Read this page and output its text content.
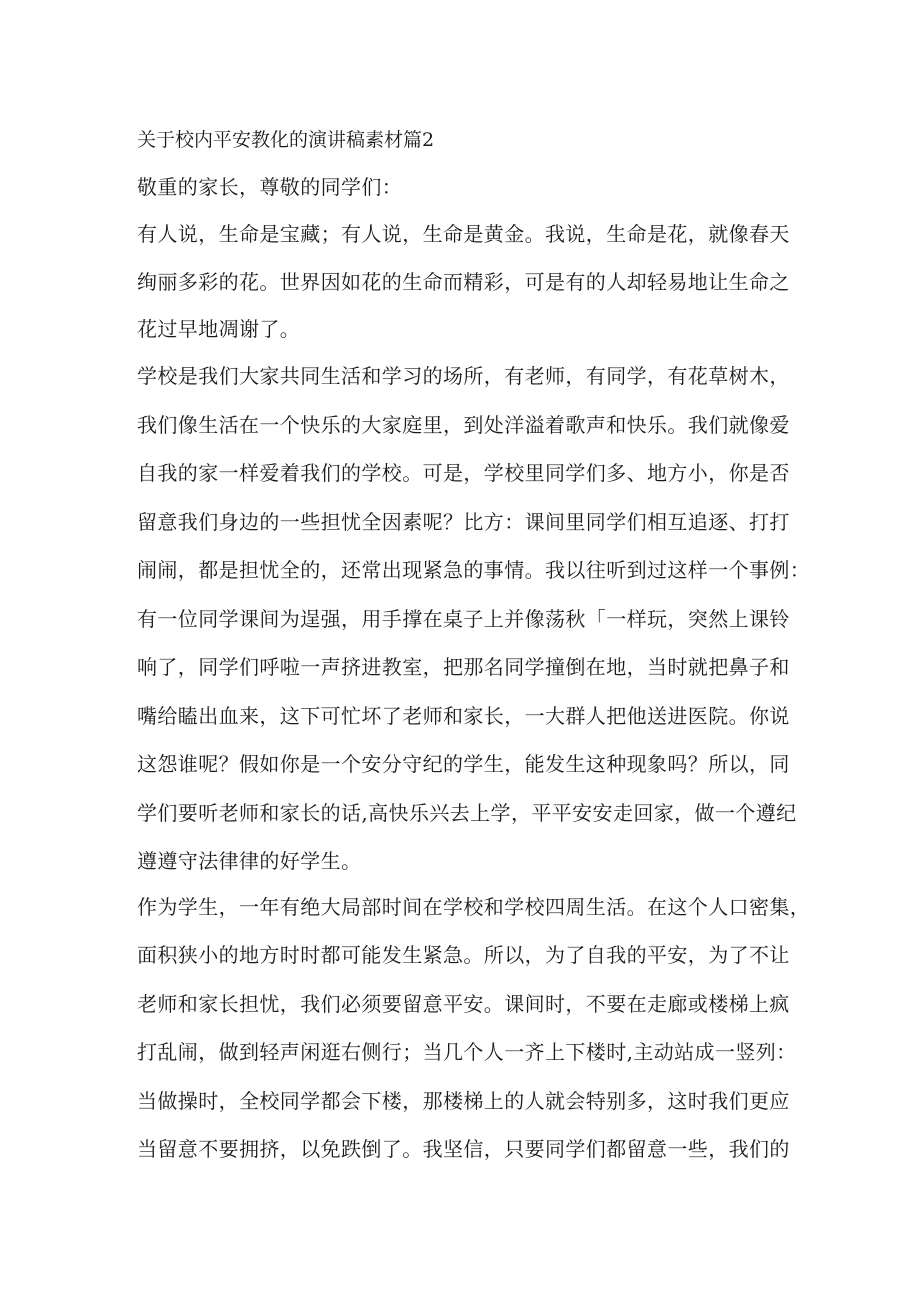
关于校内平安教化的演讲稿素材篇2
敬重的家长，尊敬的同学们：
有人说，生命是宝藏；有人说，生命是黄金。我说，生命是花，就像春天
绚丽多彩的花。世界因如花的生命而精彩，可是有的人却轻易地让生命之
花过早地凋谢了。
学校是我们大家共同生活和学习的场所，有老师，有同学，有花草树木，
我们像生活在一个快乐的大家庭里，到处洋溢着歌声和快乐。我们就像爱
自我的家一样爱着我们的学校。可是，学校里同学们多、地方小，你是否
留意我们身边的一些担忧全因素呢？比方：课间里同学们相互追逐、打打
闹闹，都是担忧全的，还常出现紧急的事情。我以往听到过这样一个事例：
有一位同学课间为逞强，用手撑在桌子上并像荡秋「一样玩，突然上课铃
响了，同学们呼啦一声挤进教室，把那名同学撞倒在地，当时就把鼻子和
嘴给瞌出血来，这下可忙坏了老师和家长，一大群人把他送进医院。你说
这怨谁呢？假如你是一个安分守纪的学生，能发生这种现象吗？所以，同
学们要听老师和家长的话,高快乐兴去上学，平平安安走回家，做一个遵纪
遵遵守法律律的好学生。
作为学生，一年有绝大局部时间在学校和学校四周生活。在这个人口密集，
面积狭小的地方时时都可能发生紧急。所以，为了自我的平安，为了不让
老师和家长担忧，我们必须要留意平安。课间时，不要在走廊或楼梯上疯
打乱闹，做到轻声闲逛右侧行；当几个人一齐上下楼时,主动站成一竖列：
当做操时，全校同学都会下楼，那楼梯上的人就会特别多，这时我们更应
当留意不要拥挤，以免跌倒了。我坚信，只要同学们都留意一些，我们的
